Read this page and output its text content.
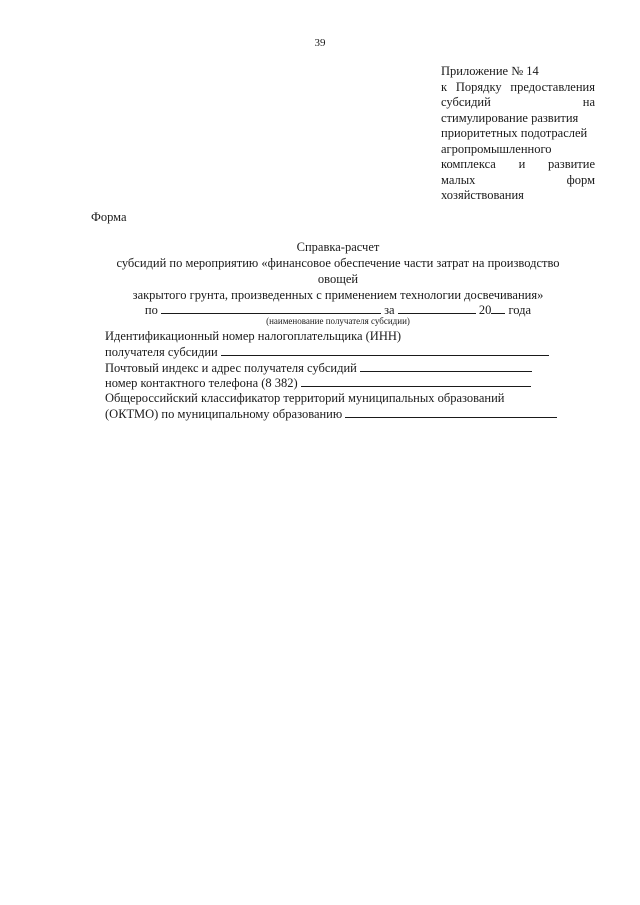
39
Приложение № 14
к Порядку предоставления
субсидий	на
стимулирование развития
приоритетных подотраслей
агропромышленного
комплекса и развитие
малых	форм
хозяйствования
Форма
Справка-расчет
субсидий по мероприятию «финансовое обеспечение части затрат на производство
овощей
закрытого грунта, произведенных с применением технологии досвечивания»
по	за	20 года
(наименование получателя субсидии)
Идентификационный номер налогоплательщика (ИНН)
получателя субсидии
Почтовый индекс и адрес получателя субсидий
номер контактного телефона (8 382)
Общероссийский классификатор территорий муниципальных образований
(ОКТМО) по муниципальному образованию
